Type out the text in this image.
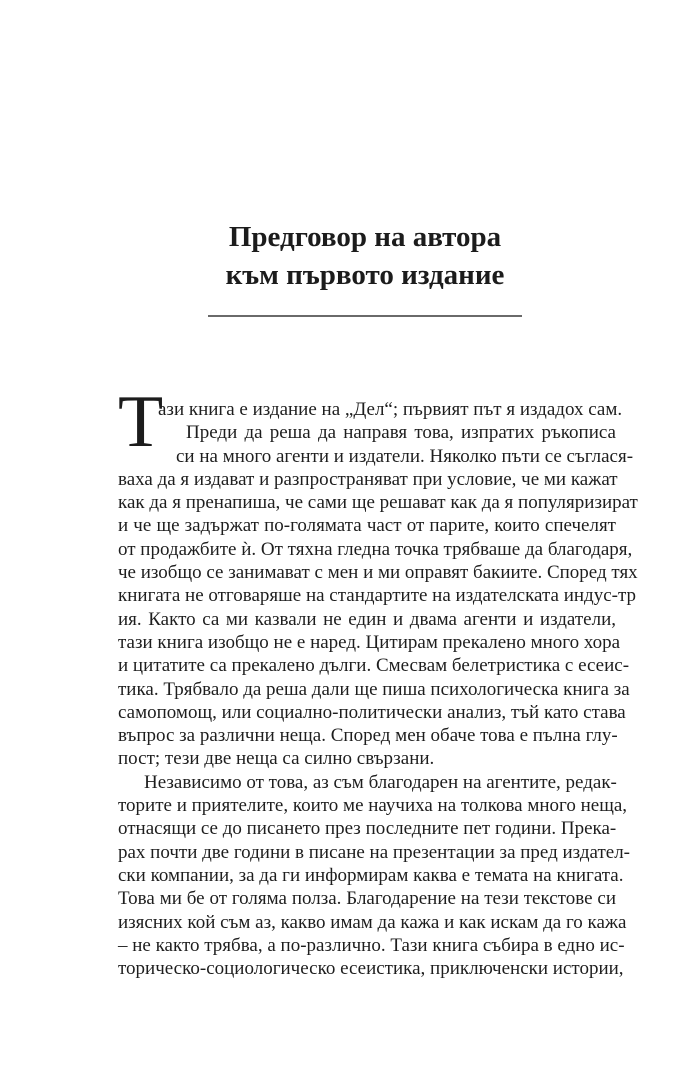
Предговор на автора
към първото издание
Т
ази книга е издание на „Дел“; първият път я издадох сам.
Преди да реша да направя това, изпратих ръкописа
си на много агенти и издатели. Няколко пъти се съглася-
ваха да я издават и разпространяват при условие, че ми кажат
как да я пренапиша, че сами ще решават как да я популяризират
и че ще задържат по-голямата част от парите, които спечелят
от продажбите ѝ. От тяхна гледна точка трябваше да благодаря,
че изобщо се занимават с мен и ми оправят бакиите. Според тях
книгата не отговаряше на стандартите на издателската индус-тр
ия. Както са ми казвали не един и двама агенти и издатели,
тази книга изобщо не е наред. Цитирам прекалено много хора
и цитатите са прекалено дълги. Смесвам белетристика с есеис-
тика. Трябвало да реша дали ще пиша психологическа книга за
самопомощ, или социално-политически анализ, тъй като става
въпрос за различни неща. Според мен обаче това е пълна глу-
пост; тези две неща са силно свързани.
Независимо от това, аз съм благодарен на агентите, редак-
торите и приятелите, които ме научиха на толкова много неща,
отнасящи се до писането през последните пет години. Прека-
рах почти две години в писане на презентации за пред издател-
ски компании, за да ги информирам каква е темата на книгата.
Това ми бе от голяма полза. Благодарение на тези текстове си
изясних кой съм аз, какво имам да кажа и как искам да го кажа
– не както трябва, а по-различно. Тази книга събира в едно ис-
торическо-социологическо есеистика, приключенски истории,
